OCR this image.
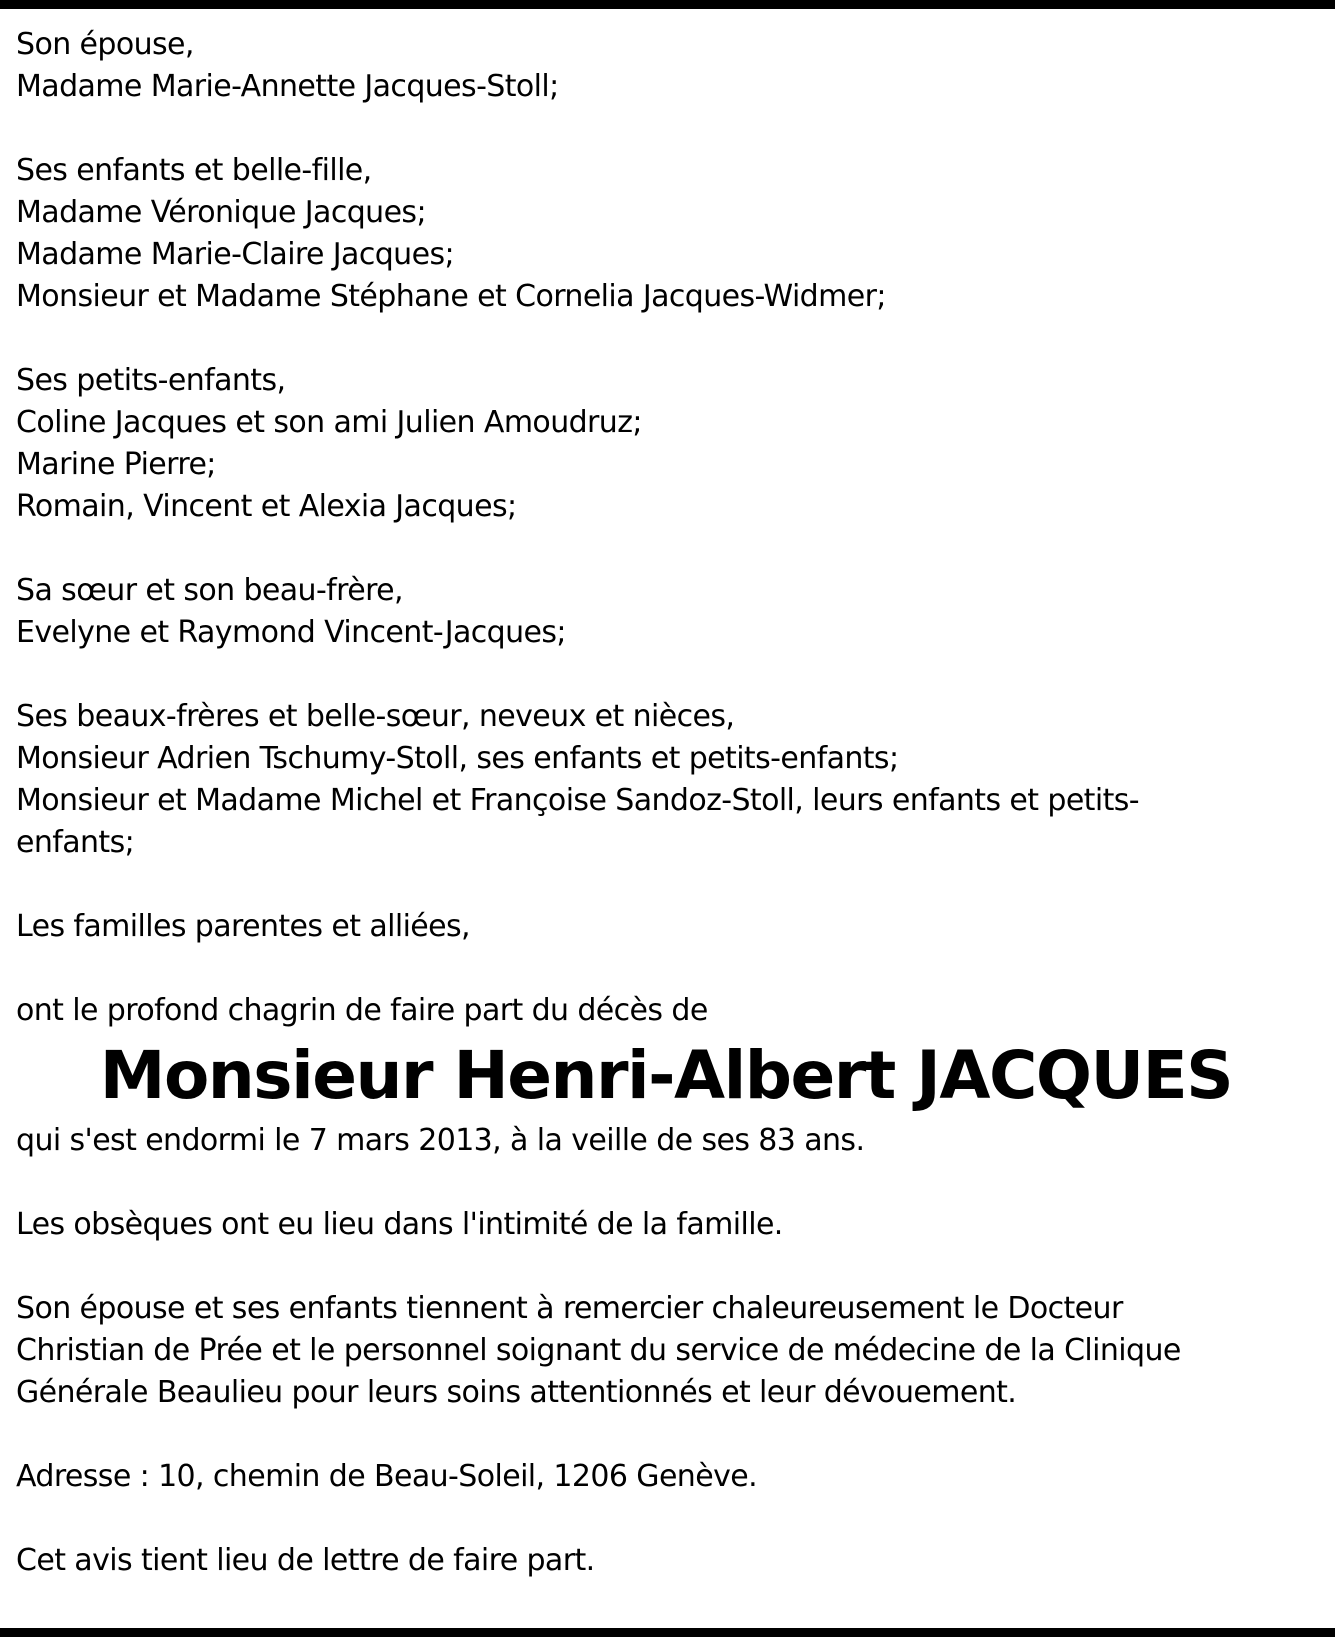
Son épouse,
Madame Marie-Annette Jacques-Stoll;
Ses enfants et belle-fille,
Madame Véronique Jacques;
Madame Marie-Claire Jacques;
Monsieur et Madame Stéphane et Cornelia Jacques-Widmer;
Ses petits-enfants,
Coline Jacques et son ami Julien Amoudruz;
Marine Pierre;
Romain, Vincent et Alexia Jacques;
Sa sœur et son beau-frère,
Evelyne et Raymond Vincent-Jacques;
Ses beaux-frères et belle-sœur, neveux et nièces,
Monsieur Adrien Tschumy-Stoll, ses enfants et petits-enfants;
Monsieur et Madame Michel et Françoise Sandoz-Stoll, leurs enfants et petits-
enfants;
Les familles parentes et alliées,
ont le profond chagrin de faire part du décès de
Monsieur Henri-Albert JACQUES
qui s'est endormi le 7 mars 2013, à la veille de ses 83 ans.
Les obsèques ont eu lieu dans l'intimité de la famille.
Son épouse et ses enfants tiennent à remercier chaleureusement le Docteur
Christian de Prée et le personnel soignant du service de médecine de la Clinique
Générale Beaulieu pour leurs soins attentionnés et leur dévouement.
Adresse : 10, chemin de Beau-Soleil, 1206 Genève.
Cet avis tient lieu de lettre de faire part.
